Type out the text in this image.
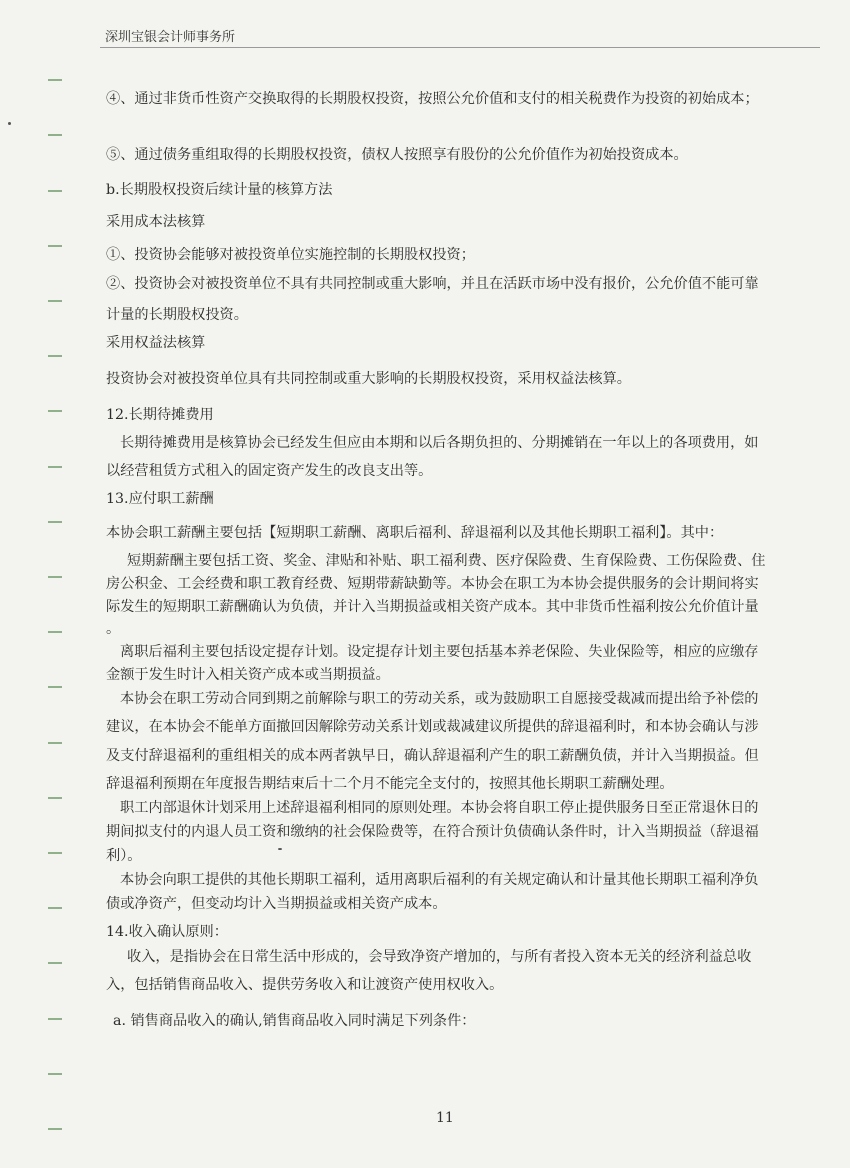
深圳宝银会计师事务所
④、通过非货币性资产交换取得的长期股权投资，按照公允价值和支付的相关税费作为投资的初始成本；
⑤、通过债务重组取得的长期股权投资，债权人按照享有股份的公允价值作为初始投资成本。
b.长期股权投资后续计量的核算方法
采用成本法核算
①、投资协会能够对被投资单位实施控制的长期股权投资；
②、投资协会对被投资单位不具有共同控制或重大影响，并且在活跃市场中没有报价，公允价值不能可靠
计量的长期股权投资。
采用权益法核算
投资协会对被投资单位具有共同控制或重大影响的长期股权投资，采用权益法核算。
12.长期待摊费用
长期待摊费用是核算协会已经发生但应由本期和以后各期负担的、分期摊销在一年以上的各项费用，如
以经营租赁方式租入的固定资产发生的改良支出等。
13.应付职工薪酬
本协会职工薪酬主要包括【短期职工薪酬、离职后福利、辞退福利以及其他长期职工福利】。其中：
短期薪酬主要包括工资、奖金、津贴和补贴、职工福利费、医疗保险费、生育保险费、工伤保险费、住
房公积金、工会经费和职工教育经费、短期带薪缺勤等。本协会在职工为本协会提供服务的会计期间将实
际发生的短期职工薪酬确认为负债，并计入当期损益或相关资产成本。其中非货币性福利按公允价值计量
。
离职后福利主要包括设定提存计划。设定提存计划主要包括基本养老保险、失业保险等，相应的应缴存
金额于发生时计入相关资产成本或当期损益。
本协会在职工劳动合同到期之前解除与职工的劳动关系，或为鼓励职工自愿接受裁减而提出给予补偿的
建议，在本协会不能单方面撤回因解除劳动关系计划或裁减建议所提供的辞退福利时，和本协会确认与涉
及支付辞退福利的重组相关的成本两者孰早日，确认辞退福利产生的职工薪酬负债，并计入当期损益。但
辞退福利预期在年度报告期结束后十二个月不能完全支付的，按照其他长期职工薪酬处理。
职工内部退休计划采用上述辞退福利相同的原则处理。本协会将自职工停止提供服务日至正常退休日的
期间拟支付的内退人员工资和缴纳的社会保险费等，在符合预计负债确认条件时，计入当期损益（辞退福
利）。
本协会向职工提供的其他长期职工福利，适用离职后福利的有关规定确认和计量其他长期职工福利净负
债或净资产，但变动均计入当期损益或相关资产成本。
14.收入确认原则：
收入，是指协会在日常生活中形成的，会导致净资产增加的，与所有者投入资本无关的经济利益总收
入，包括销售商品收入、提供劳务收入和让渡资产使用权收入。
a. 销售商品收入的确认,销售商品收入同时满足下列条件：
11
